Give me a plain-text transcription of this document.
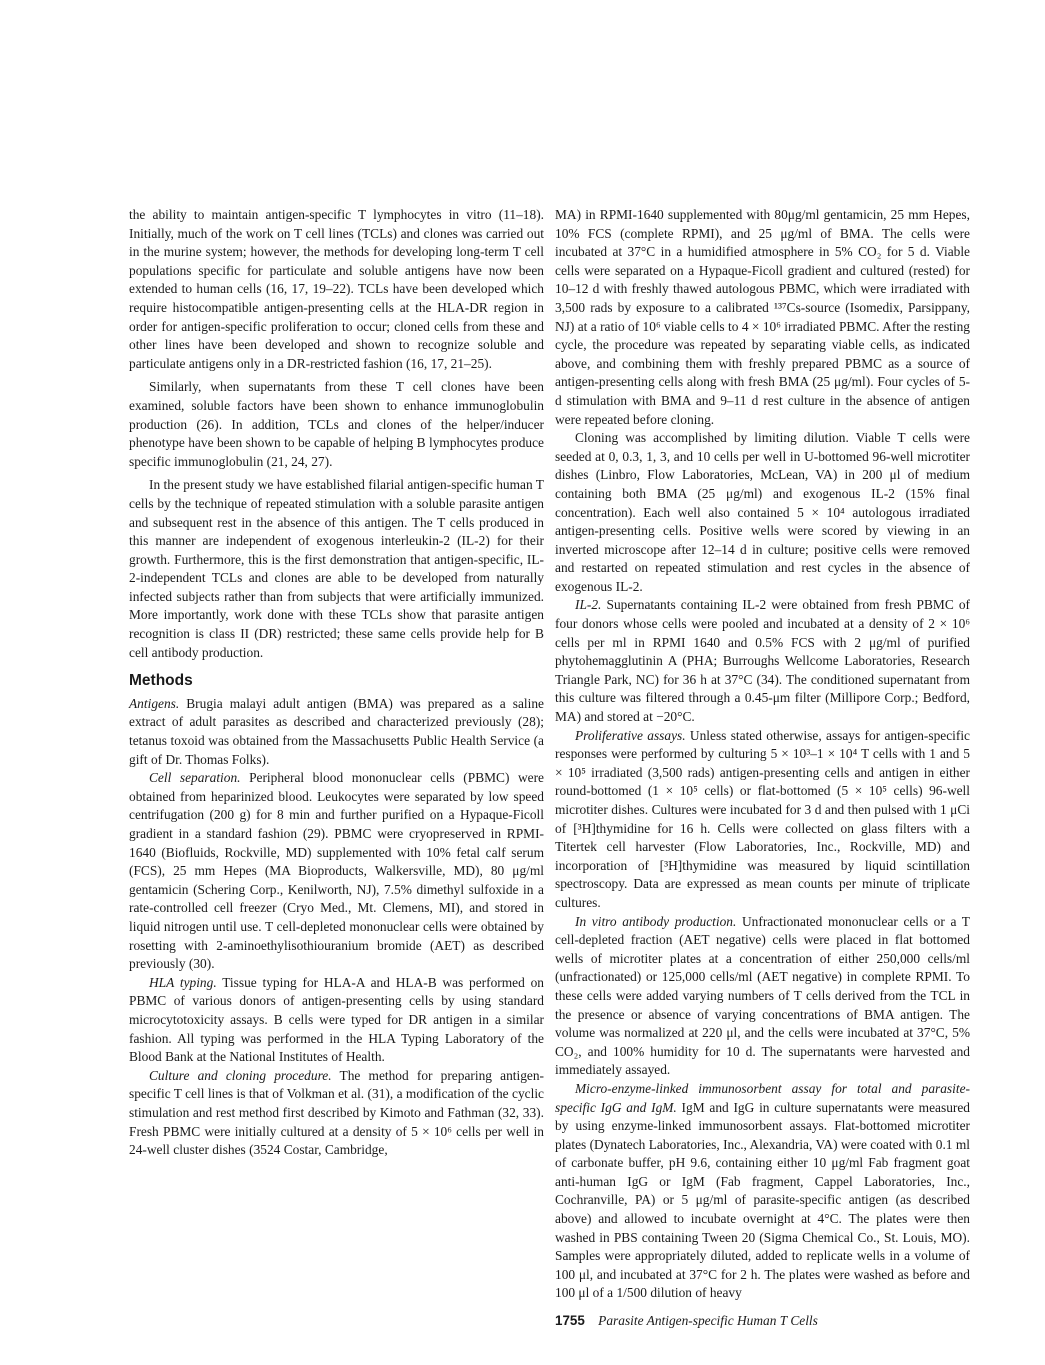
the ability to maintain antigen-specific T lymphocytes in vitro (11–18). Initially, much of the work on T cell lines (TCLs) and clones was carried out in the murine system; however, the methods for developing long-term T cell populations specific for particulate and soluble antigens have now been extended to human cells (16, 17, 19–22). TCLs have been developed which require histocompatible antigen-presenting cells at the HLA-DR region in order for antigen-specific proliferation to occur; cloned cells from these and other lines have been developed and shown to recognize soluble and particulate antigens only in a DR-restricted fashion (16, 17, 21–25).

Similarly, when supernatants from these T cell clones have been examined, soluble factors have been shown to enhance immunoglobulin production (26). In addition, TCLs and clones of the helper/inducer phenotype have been shown to be capable of helping B lymphocytes produce specific immunoglobulin (21, 24, 27).

In the present study we have established filarial antigen-specific human T cells by the technique of repeated stimulation with a soluble parasite antigen and subsequent rest in the absence of this antigen. The T cells produced in this manner are independent of exogenous interleukin-2 (IL-2) for their growth. Furthermore, this is the first demonstration that antigen-specific, IL-2-independent TCLs and clones are able to be developed from naturally infected subjects rather than from subjects that were artificially immunized. More importantly, work done with these TCLs show that parasite antigen recognition is class II (DR) restricted; these same cells provide help for B cell antibody production.

Methods

Antigens. Brugia malayi adult antigen (BMA) was prepared as a saline extract of adult parasites as described and characterized previously (28); tetanus toxoid was obtained from the Massachusetts Public Health Service (a gift of Dr. Thomas Folks).

Cell separation. Peripheral blood mononuclear cells (PBMC) were obtained from heparinized blood. Leukocytes were separated by low speed centrifugation (200 g) for 8 min and further purified on a Hypaque-Ficoll gradient in a standard fashion (29). PBMC were cryopreserved in RPMI-1640 (Biofluids, Rockville, MD) supplemented with 10% fetal calf serum (FCS), 25 mm Hepes (MA Bioproducts, Walkersville, MD), 80 μg/ml gentamicin (Schering Corp., Kenilworth, NJ), 7.5% dimethyl sulfoxide in a rate-controlled cell freezer (Cryo Med., Mt. Clemens, MI), and stored in liquid nitrogen until use. T cell-depleted mononuclear cells were obtained by rosetting with 2-aminoethylisothiouranium bromide (AET) as described previously (30).

HLA typing. Tissue typing for HLA-A and HLA-B was performed on PBMC of various donors of antigen-presenting cells by using standard microcytotoxicity assays. B cells were typed for DR antigen in a similar fashion. All typing was performed in the HLA Typing Laboratory of the Blood Bank at the National Institutes of Health.

Culture and cloning procedure. The method for preparing antigen-specific T cell lines is that of Volkman et al. (31), a modification of the cyclic stimulation and rest method first described by Kimoto and Fathman (32, 33). Fresh PBMC were initially cultured at a density of 5 × 10⁶ cells per well in 24-well cluster dishes (3524 Costar, Cambridge,

MA) in RPMI-1640 supplemented with 80μg/ml gentamicin, 25 mm Hepes, 10% FCS (complete RPMI), and 25 μg/ml of BMA. The cells were incubated at 37°C in a humidified atmosphere in 5% CO₂ for 5 d. Viable cells were separated on a Hypaque-Ficoll gradient and cultured (rested) for 10–12 d with freshly thawed autologous PBMC, which were irradiated with 3,500 rads by exposure to a calibrated ¹³⁷Cs-source (Isomedix, Parsippany, NJ) at a ratio of 10⁶ viable cells to 4 × 10⁶ irradiated PBMC. After the resting cycle, the procedure was repeated by separating viable cells, as indicated above, and combining them with freshly prepared PBMC as a source of antigen-presenting cells along with fresh BMA (25 μg/ml). Four cycles of 5-d stimulation with BMA and 9–11 d rest culture in the absence of antigen were repeated before cloning.

Cloning was accomplished by limiting dilution. Viable T cells were seeded at 0, 0.3, 1, 3, and 10 cells per well in U-bottomed 96-well microtiter dishes (Linbro, Flow Laboratories, McLean, VA) in 200 μl of medium containing both BMA (25 μg/ml) and exogenous IL-2 (15% final concentration). Each well also contained 5 × 10⁴ autologous irradiated antigen-presenting cells. Positive wells were scored by viewing in an inverted microscope after 12–14 d in culture; positive cells were removed and restarted on repeated stimulation and rest cycles in the absence of exogenous IL-2.

IL-2. Supernatants containing IL-2 were obtained from fresh PBMC of four donors whose cells were pooled and incubated at a density of 2 × 10⁶ cells per ml in RPMI 1640 and 0.5% FCS with 2 μg/ml of purified phytohemagglutinin A (PHA; Burroughs Wellcome Laboratories, Research Triangle Park, NC) for 36 h at 37°C (34). The conditioned supernatant from this culture was filtered through a 0.45-μm filter (Millipore Corp.; Bedford, MA) and stored at −20°C.

Proliferative assays. Unless stated otherwise, assays for antigen-specific responses were performed by culturing 5 × 10³–1 × 10⁴ T cells with 1 and 5 × 10⁵ irradiated (3,500 rads) antigen-presenting cells and antigen in either round-bottomed (1 × 10⁵ cells) or flat-bottomed (5 × 10⁵ cells) 96-well microtiter dishes. Cultures were incubated for 3 d and then pulsed with 1 μCi of [³H]thymidine for 16 h. Cells were collected on glass filters with a Titertek cell harvester (Flow Laboratories, Inc., Rockville, MD) and incorporation of [³H]thymidine was measured by liquid scintillation spectroscopy. Data are expressed as mean counts per minute of triplicate cultures.

In vitro antibody production. Unfractionated mononuclear cells or a T cell-depleted fraction (AET negative) cells were placed in flat bottomed wells of microtiter plates at a concentration of either 250,000 cells/ml (unfractionated) or 125,000 cells/ml (AET negative) in complete RPMI. To these cells were added varying numbers of T cells derived from the TCL in the presence or absence of varying concentrations of BMA antigen. The volume was normalized at 220 μl, and the cells were incubated at 37°C, 5% CO₂, and 100% humidity for 10 d. The supernatants were harvested and immediately assayed.

Micro-enzyme-linked immunosorbent assay for total and parasite-specific IgG and IgM. IgM and IgG in culture supernatants were measured by using enzyme-linked immunosorbent assays. Flat-bottomed microtiter plates (Dynatech Laboratories, Inc., Alexandria, VA) were coated with 0.1 ml of carbonate buffer, pH 9.6, containing either 10 μg/ml Fab fragment goat anti-human IgG or IgM (Fab fragment, Cappel Laboratories, Inc., Cochranville, PA) or 5 μg/ml of parasite-specific antigen (as described above) and allowed to incubate overnight at 4°C. The plates were then washed in PBS containing Tween 20 (Sigma Chemical Co., St. Louis, MO). Samples were appropriately diluted, added to replicate wells in a volume of 100 μl, and incubated at 37°C for 2 h. The plates were washed as before and 100 μl of a 1/500 dilution of heavy

1755 Parasite Antigen-specific Human T Cells
